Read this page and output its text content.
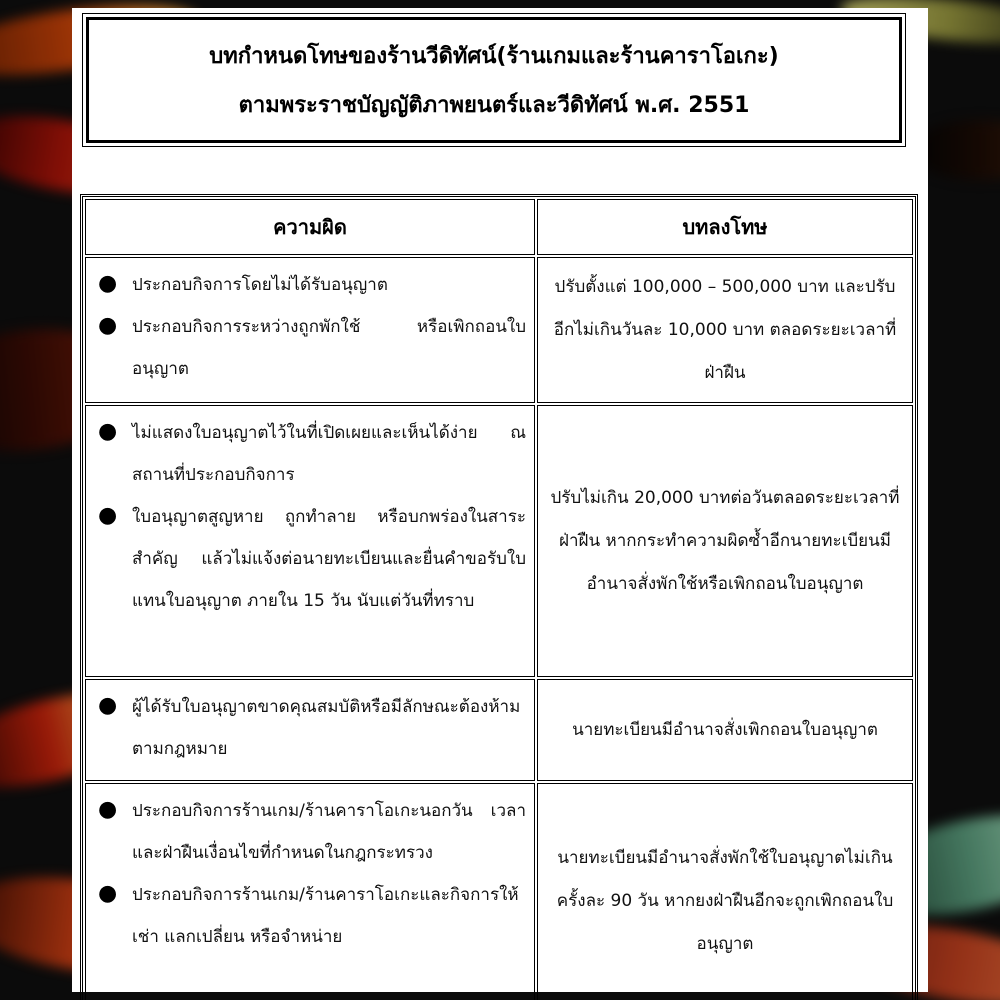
บทกำหนดโทษของร้านวีดิทัศน์(ร้านเกมและร้านคาราโอเกะ)
ตามพระราชบัญญัติภาพยนตร์และวีดิทัศน์ พ.ศ. 2551
ความผิด	บทลงโทษ

● ประกอบกิจการโดยไม่ได้รับอนุญาต
● ประกอบกิจการระหว่างถูกพักใช้ หรือเพิกถอนใบอนุญาต	ปรับตั้งแต่ 100,000 – 500,000 บาท และปรับอีกไม่เกินวันละ 10,000 บาท ตลอดระยะเวลาที่ฝ่าฝืน

● ไม่แสดงใบอนุญาตไว้ในที่เปิดเผยและเห็นได้ง่าย ณ สถานที่ประกอบกิจการ
● ใบอนุญาตสูญหาย ถูกทำลาย หรือบกพร่องในสาระสำคัญ แล้วไม่แจ้งต่อนายทะเบียนและยื่นคำขอรับใบแทนใบอนุญาต ภายใน 15 วัน นับแต่วันที่ทราบ	ปรับไม่เกิน 20,000 บาทต่อวันตลอดระยะเวลาที่ฝ่าฝืน หากกระทำความผิดซ้ำอีกนายทะเบียนมีอำนาจสั่งพักใช้หรือเพิกถอนใบอนุญาต

● ผู้ได้รับใบอนุญาตขาดคุณสมบัติหรือมีลักษณะต้องห้ามตามกฎหมาย	นายทะเบียนมีอำนาจสั่งเพิกถอนใบอนุญาต

● ประกอบกิจการร้านเกม/ร้านคาราโอเกะนอกวัน เวลา และฝ่าฝืนเงื่อนไขที่กำหนดในกฎกระทรวง
● ประกอบกิจการร้านเกม/ร้านคาราโอเกะและกิจการให้เช่า แลกเปลี่ยน หรือจำหน่าย	นายทะเบียนมีอำนาจสั่งพักใช้ใบอนุญาตไม่เกินครั้งละ 90 วัน หากยงฝ่าฝืนอีกจะถูกเพิกถอนใบอนุญาต
